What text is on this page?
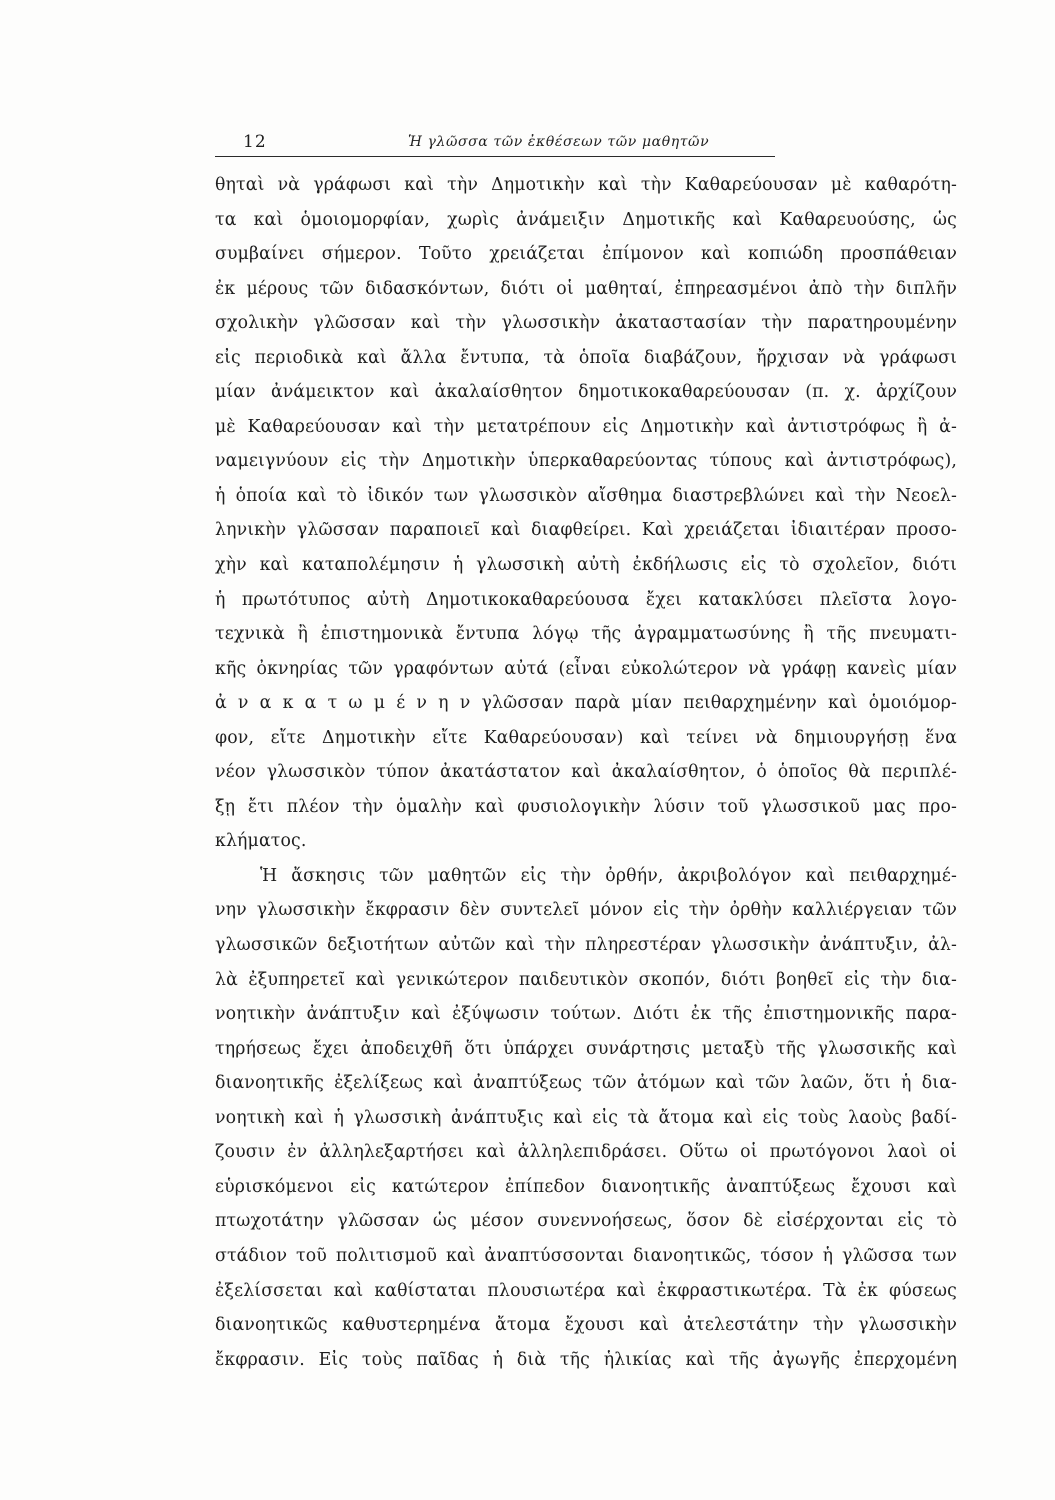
12	Ἡ γλῶσσα τῶν ἐκθέσεων τῶν μαθητῶν
θηταὶ νὰ γράφωσι καὶ τὴν Δημοτικὴν καὶ τὴν Καθαρεύουσαν μὲ καθαρότη-
τα καὶ ὁμοιομορφίαν, χωρὶς ἀνάμειξιν Δημοτικῆς καὶ Καθαρευούσης, ὡς
συμβαίνει σήμερον. Τοῦτο χρειάζεται ἐπίμονον καὶ κοπιώδη προσπάθειαν
ἐκ μέρους τῶν διδασκόντων, διότι οἱ μαθηταί, ἐπηρεασμένοι ἀπὸ τὴν διπλῆν
σχολικὴν γλῶσσαν καὶ τὴν γλωσσικὴν ἀκαταστασίαν τὴν παρατηρουμένην
εἰς περιοδικὰ καὶ ἄλλα ἔντυπα, τὰ ὁποῖα διαβάζουν, ἤρχισαν νὰ γράφωσι
μίαν ἀνάμεικτον καὶ ἀκαλαίσθητον δημοτικοκαθαρεύουσαν (π. χ. ἀρχίζουν
μὲ Καθαρεύουσαν καὶ τὴν μετατρέπουν εἰς Δημοτικὴν καὶ ἀντιστρόφως ἢ ἀ-
ναμειγνύουν εἰς τὴν Δημοτικὴν ὑπερκαθαρεύοντας τύπους καὶ ἀντιστρόφως),
ἡ ὁποία καὶ τὸ ἰδικόν των γλωσσικὸν αἴσθημα διαστρεβλώνει καὶ τὴν Νεοελ-
ληνικὴν γλῶσσαν παραποιεῖ καὶ διαφθείρει. Καὶ χρειάζεται ἰδιαιτέραν προσο-
χὴν καὶ καταπολέμησιν ἡ γλωσσικὴ αὐτὴ ἐκδήλωσις εἰς τὸ σχολεῖον, διότι
ἡ πρωτότυπος αὐτὴ Δημοτικοκαθαρεύουσα ἔχει κατακλύσει πλεῖστα λογο-
τεχνικὰ ἢ ἐπιστημονικὰ ἔντυπα λόγῳ τῆς ἀγραμματωσύνης ἢ τῆς πνευματι-
κῆς ὀκνηρίας τῶν γραφόντων αὐτά (εἶναι εὐκολώτερον νὰ γράφῃ κανεὶς μίαν
ἀ ν α κ α τ ω μ έ ν η ν γλῶσσαν παρὰ μίαν πειθαρχημένην καὶ ὁμοιόμορ-
φον, εἴτε Δημοτικὴν εἴτε Καθαρεύουσαν) καὶ τείνει νὰ δημιουργήσῃ ἕνα
νέον γλωσσικὸν τύπον ἀκατάστατον καὶ ἀκαλαίσθητον, ὁ ὁποῖος θὰ περιπλέ-
ξῃ ἔτι πλέον τὴν ὁμαλὴν καὶ φυσιολογικὴν λύσιν τοῦ γλωσσικοῦ μας προ-
κλήματος.
Ἡ ἄσκησις τῶν μαθητῶν εἰς τὴν ὀρθήν, ἀκριβολόγον καὶ πειθαρχημέ-
νην γλωσσικὴν ἔκφρασιν δὲν συντελεῖ μόνον εἰς τὴν ὀρθὴν καλλιέργειαν τῶν
γλωσσικῶν δεξιοτήτων αὐτῶν καὶ τὴν πληρεστέραν γλωσσικὴν ἀνάπτυξιν, ἀλ-
λὰ ἐξυπηρετεῖ καὶ γενικώτερον παιδευτικὸν σκοπόν, διότι βοηθεῖ εἰς τὴν δια-
νοητικὴν ἀνάπτυξιν καὶ ἐξύψωσιν τούτων. Διότι ἐκ τῆς ἐπιστημονικῆς παρα-
τηρήσεως ἔχει ἀποδειχθῆ ὅτι ὑπάρχει συνάρτησις μεταξὺ τῆς γλωσσικῆς καὶ
διανοητικῆς ἐξελίξεως καὶ ἀναπτύξεως τῶν ἀτόμων καὶ τῶν λαῶν, ὅτι ἡ δια-
νοητικὴ καὶ ἡ γλωσσικὴ ἀνάπτυξις καὶ εἰς τὰ ἄτομα καὶ εἰς τοὺς λαοὺς βαδί-
ζουσιν ἐν ἀλληλεξαρτήσει καὶ ἀλληλεπιδράσει. Οὕτω οἱ πρωτόγονοι λαοὶ οἱ
εὑρισκόμενοι εἰς κατώτερον ἐπίπεδον διανοητικῆς ἀναπτύξεως ἔχουσι καὶ
πτωχοτάτην γλῶσσαν ὡς μέσον συνεννοήσεως, ὅσον δὲ εἰσέρχονται εἰς τὸ
στάδιον τοῦ πολιτισμοῦ καὶ ἀναπτύσσονται διανοητικῶς, τόσον ἡ γλῶσσα των
ἐξελίσσεται καὶ καθίσταται πλουσιωτέρα καὶ ἐκφραστικωτέρα. Τὰ ἐκ φύσεως
διανοητικῶς καθυστερημένα ἄτομα ἔχουσι καὶ ἀτελεστάτην τὴν γλωσσικὴν
ἔκφρασιν. Εἰς τοὺς παῖδας ἡ διὰ τῆς ἡλικίας καὶ τῆς ἀγωγῆς ἐπερχομένη
